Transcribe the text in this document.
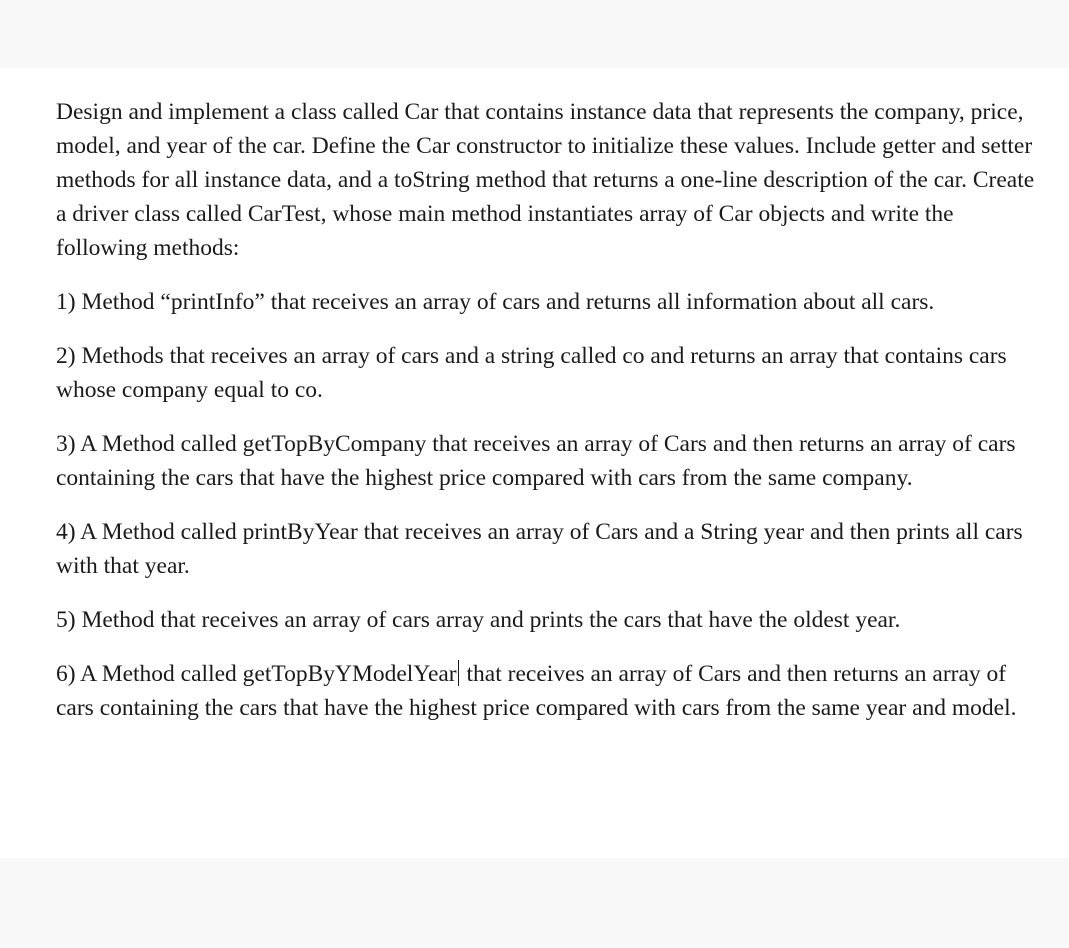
Design and implement a class called Car that contains instance data that represents the company, price, model, and year of the car. Define the Car constructor to initialize these values. Include getter and setter methods for all instance data, and a toString method that returns a one-line description of the car. Create a driver class called CarTest, whose main method instantiates array of Car objects and write the following methods:

1) Method “printInfo” that receives an array of cars and returns all information about all cars.

2) Methods that receives an array of cars and a string called co and returns an array that contains cars whose company equal to co.

3) A Method called getTopByCompany that receives an array of Cars and then returns an array of cars containing the cars that have the highest price compared with cars from the same company.

4) A Method called printByYear that receives an array of Cars and a String year and then prints all cars with that year.

5) Method that receives an array of cars array and prints the cars that have the oldest year.

6) A Method called getTopByYModelYear that receives an array of Cars and then returns an array of cars containing the cars that have the highest price compared with cars from the same year and model.
